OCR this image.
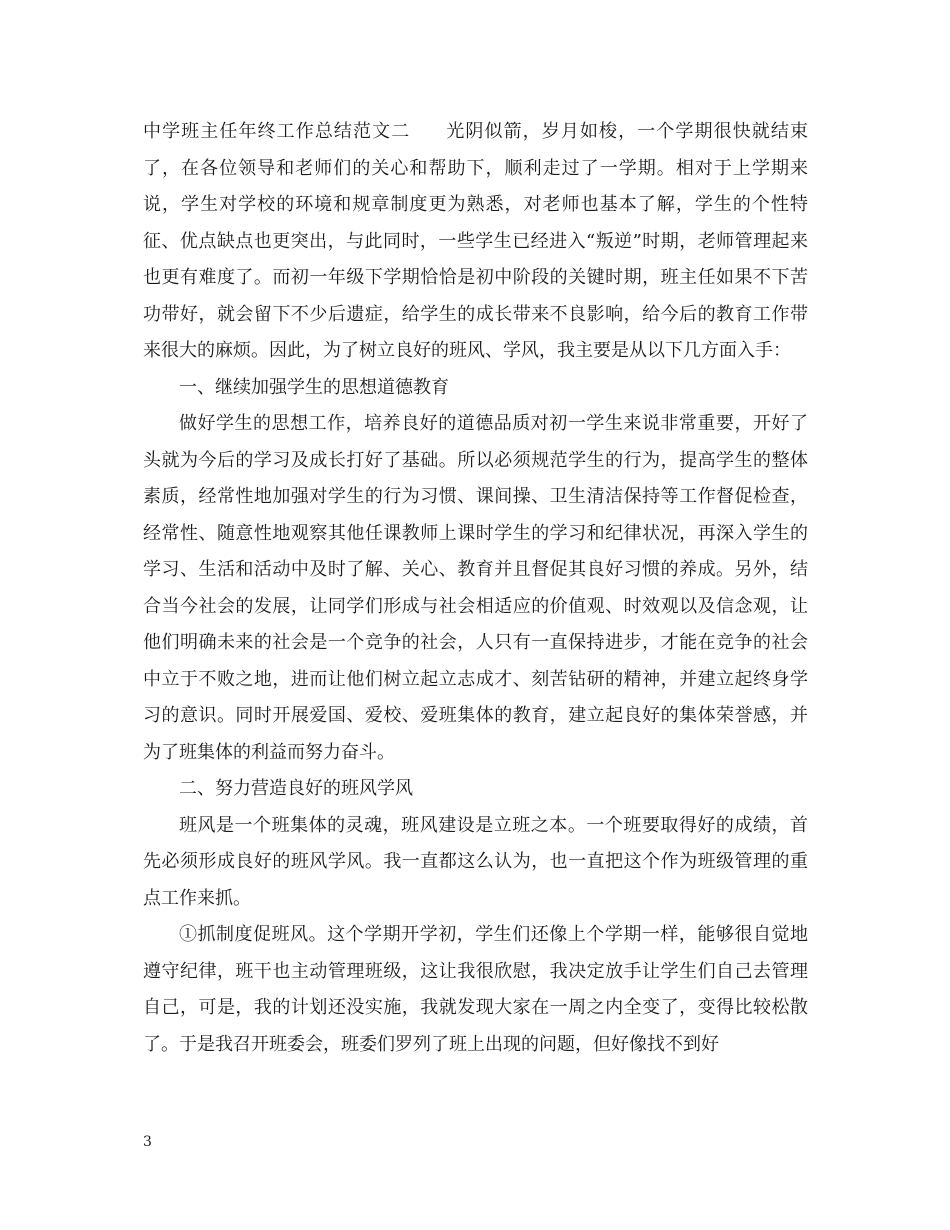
中学班主任年终工作总结范文二 光阴似箭，岁月如梭，一个学期很快就结束了，在各位领导和老师们的关心和帮助下，顺利走过了一学期。相对于上学期来说，学生对学校的环境和规章制度更为熟悉，对老师也基本了解，学生的个性特征、优点缺点也更突出，与此同时，一些学生已经进入“叛逆”时期，老师管理起来也更有难度了。而初一年级下学期恰恰是初中阶段的关键时期，班主任如果不下苦功带好，就会留下不少后遗症，给学生的成长带来不良影响，给今后的教育工作带来很大的麻烦。因此，为了树立良好的班风、学风，我主要是从以下几方面入手：

一、继续加强学生的思想道德教育

做好学生的思想工作，培养良好的道德品质对初一学生来说非常重要，开好了头就为今后的学习及成长打好了基础。所以必须规范学生的行为，提高学生的整体素质，经常性地加强对学生的行为习惯、课间操、卫生清洁保持等工作督促检查，经常性、随意性地观察其他任课教师上课时学生的学习和纪律状况，再深入学生的学习、生活和活动中及时了解、关心、教育并且督促其良好习惯的养成。另外，结合当今社会的发展，让同学们形成与社会相适应的价值观、时效观以及信念观，让他们明确未来的社会是一个竞争的社会，人只有一直保持进步，才能在竞争的社会中立于不败之地，进而让他们树立起立志成才、刻苦钻研的精神，并建立起终身学习的意识。同时开展爱国、爱校、爱班集体的教育，建立起良好的集体荣誉感，并为了班集体的利益而努力奋斗。

二、努力营造良好的班风学风

班风是一个班集体的灵魂，班风建设是立班之本。一个班要取得好的成绩，首先必须形成良好的班风学风。我一直都这么认为，也一直把这个作为班级管理的重点工作来抓。

①抓制度促班风。这个学期开学初，学生们还像上个学期一样，能够很自觉地遵守纪律，班干也主动管理班级，这让我很欣慰，我决定放手让学生们自己去管理自己，可是，我的计划还没实施，我就发现大家在一周之内全变了，变得比较松散了。于是我召开班委会，班委们罗列了班上出现的问题，但好像找不到好

3
